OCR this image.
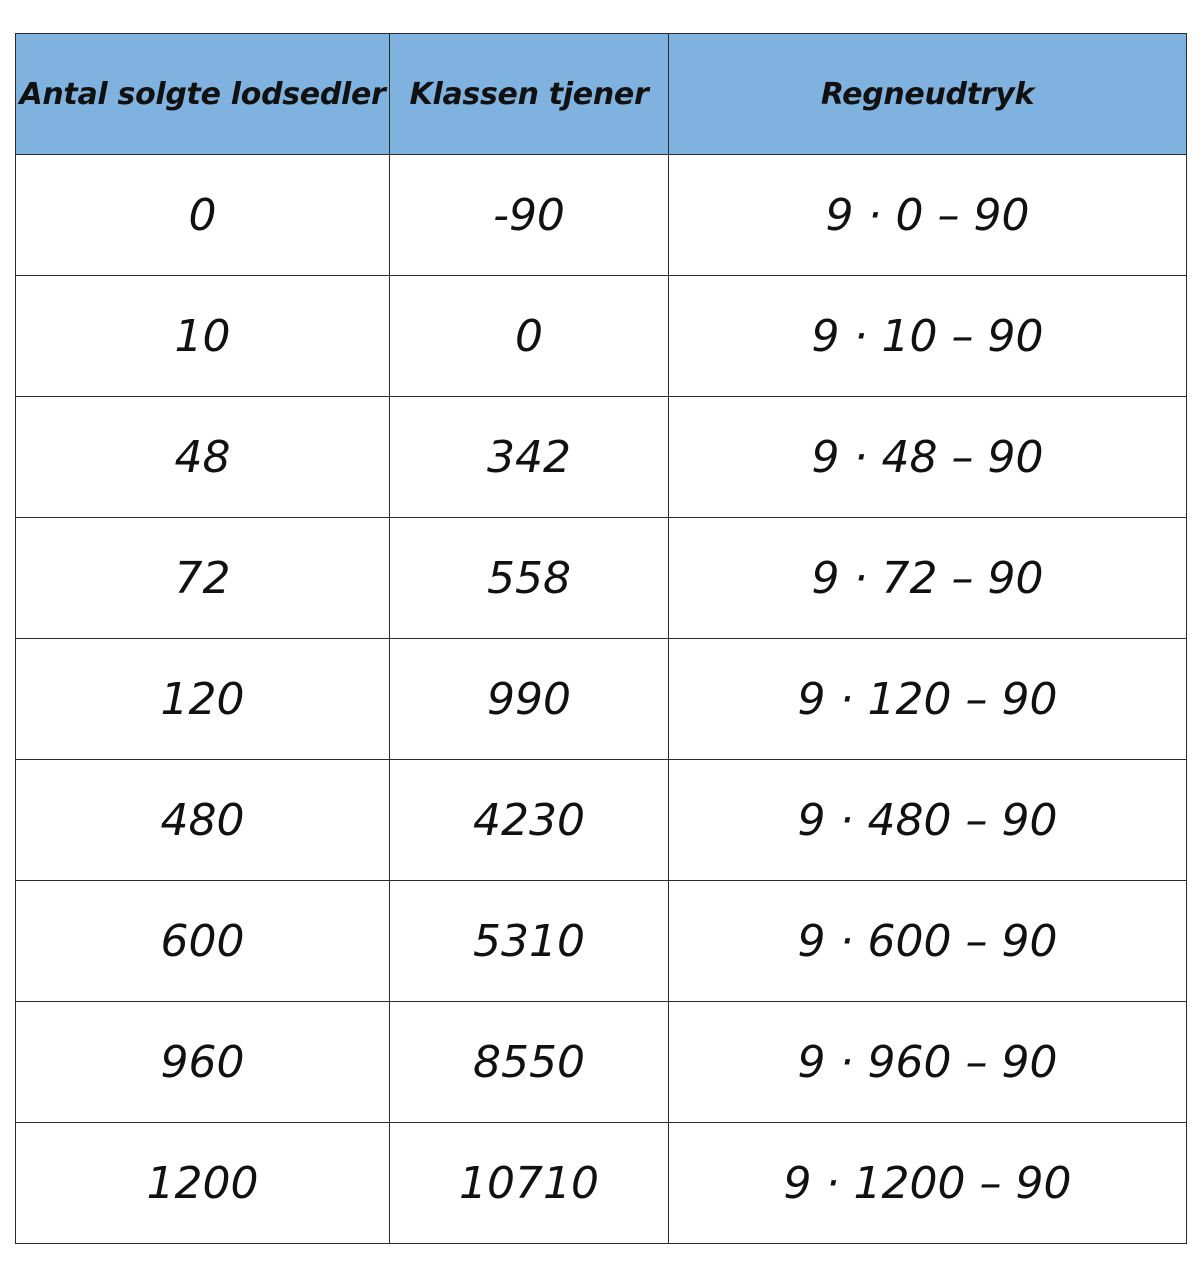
Antal solgte lodsedler	Klassen tjener	Regneudtryk
0	-90	9 · 0 – 90
10	0	9 · 10 – 90
48	342	9 · 48 – 90
72	558	9 · 72 – 90
120	990	9 · 120 – 90
480	4230	9 · 480 – 90
600	5310	9 · 600 – 90
960	8550	9 · 960 – 90
1200	10710	9 · 1200 – 90
